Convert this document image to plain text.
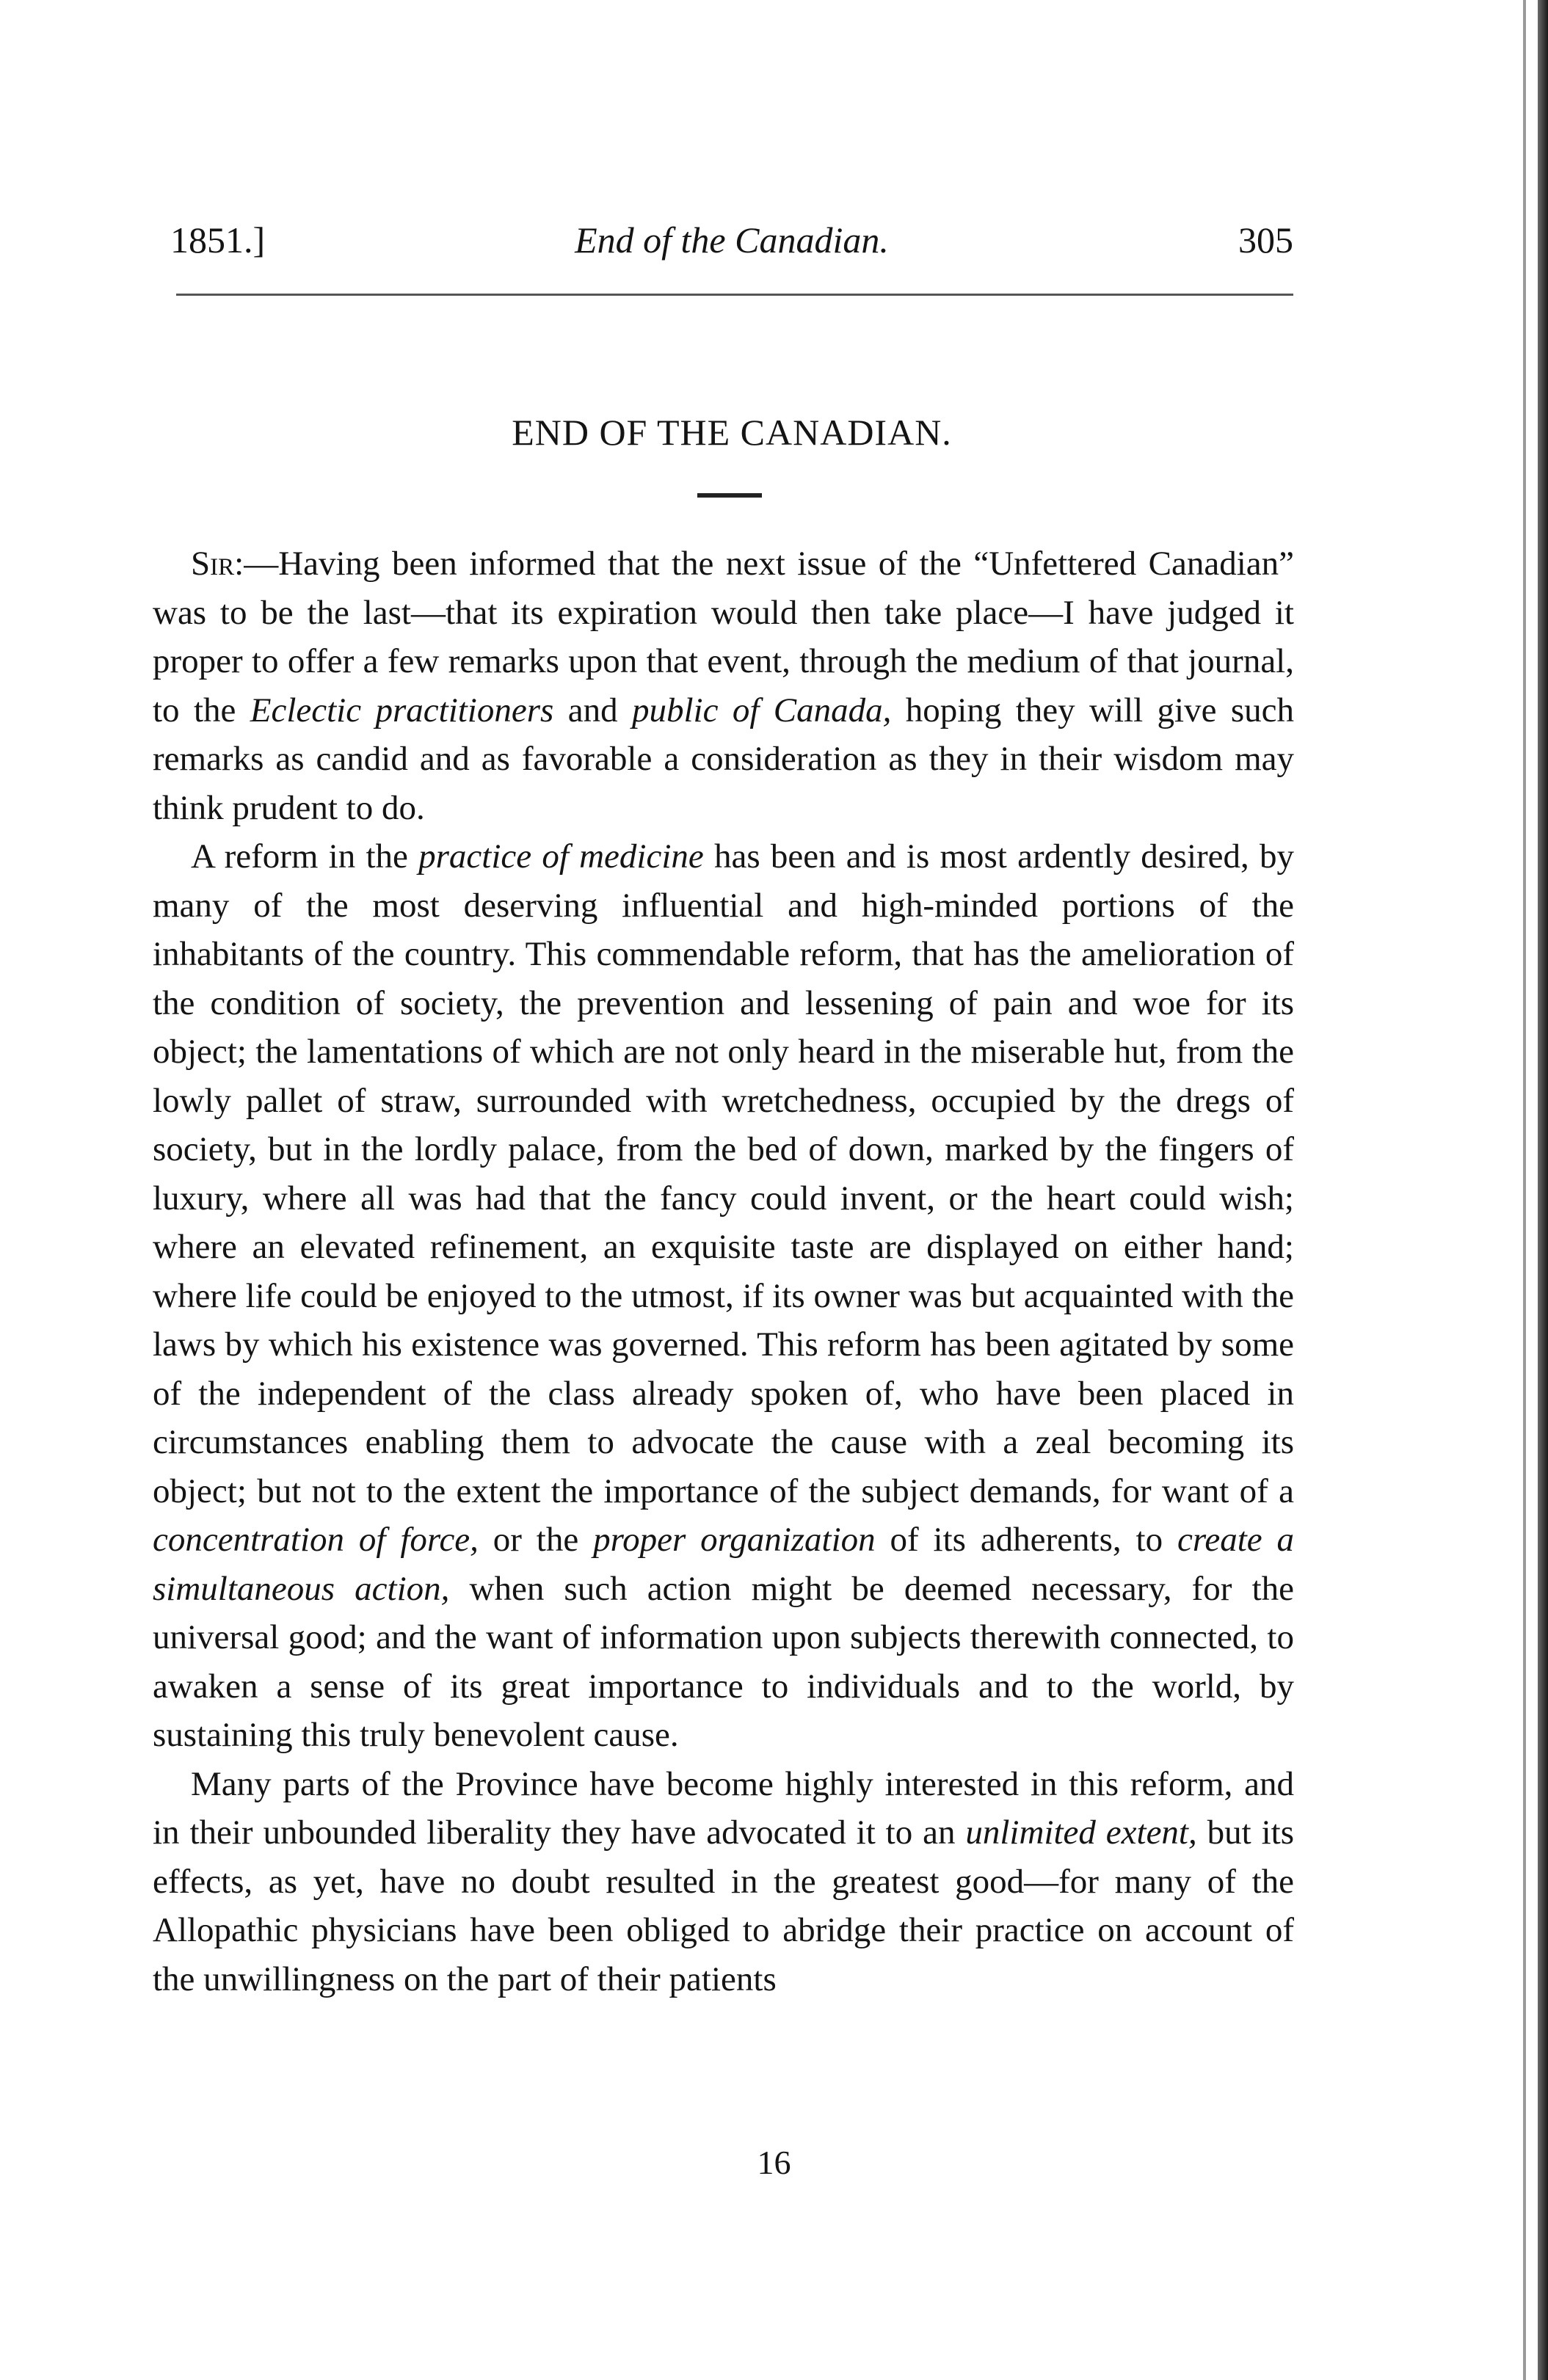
1851.]	End of the Canadian.	305
END OF THE CANADIAN.

Sir:—Having been informed that the next issue of the “Unfettered Canadian” was to be the last—that its expiration would then take place—I have judged it proper to offer a few remarks upon that event, through the medium of that journal, to the Eclectic practitioners and public of Canada, hoping they will give such remarks as candid and as favorable a consideration as they in their wisdom may think prudent to do.

A reform in the practice of medicine has been and is most ardently desired, by many of the most deserving influential and high-minded portions of the inhabitants of the country. This commendable reform, that has the amelioration of the condition of society, the prevention and lessening of pain and woe for its object; the lamentations of which are not only heard in the miserable hut, from the lowly pallet of straw, surrounded with wretchedness, occupied by the dregs of society, but in the lordly palace, from the bed of down, marked by the fingers of luxury, where all was had that the fancy could invent, or the heart could wish; where an elevated refinement, an exquisite taste are displayed on either hand; where life could be enjoyed to the utmost, if its owner was but acquainted with the laws by which his existence was governed. This reform has been agitated by some of the independent of the class already spoken of, who have been placed in circumstances enabling them to advocate the cause with a zeal becoming its object; but not to the extent the importance of the subject demands, for want of a concentration of force, or the proper organization of its adherents, to create a simultaneous action, when such action might be deemed necessary, for the universal good; and the want of information upon subjects therewith connected, to awaken a sense of its great importance to individuals and to the world, by sustaining this truly benevolent cause.

Many parts of the Province have become highly interested in this reform, and in their unbounded liberality they have advocated it to an unlimited extent, but its effects, as yet, have no doubt resulted in the greatest good—for many of the Allopathic physicians have been obliged to abridge their practice on account of the unwillingness on the part of their patients

16
